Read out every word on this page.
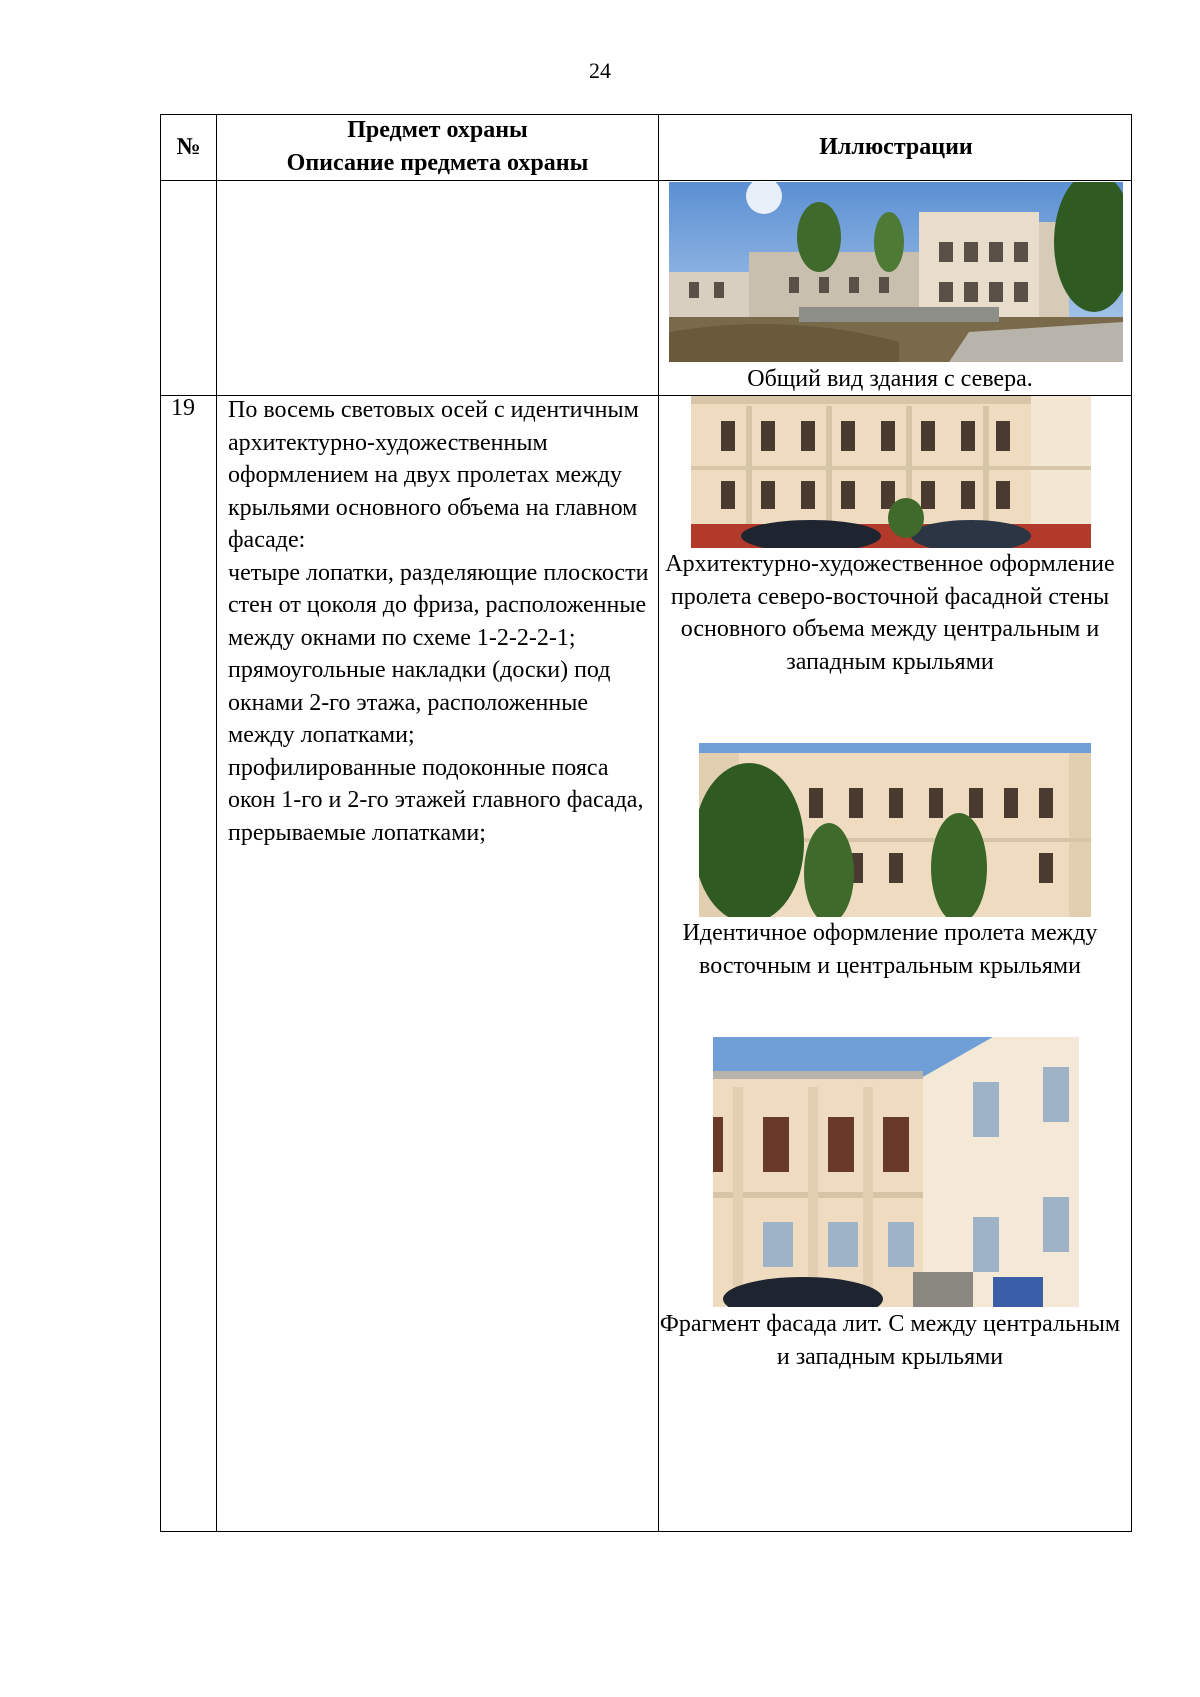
24
№
Предмет охраны
Описание предмета охраны
Иллюстрации
Общий вид здания с севера.
19 По восемь световых осей с идентичным архитектурно-художественным оформлением на двух пролетах между крыльями основного объема на главном фасаде:

четыре лопатки, разделяющие плоскости стен от цоколя до фриза, расположенные между окнами по схеме 1-2-2-2-1;

прямоугольные накладки (доски) под окнами 2-го этажа, расположенные между лопатками;

профилированные подоконные пояса окон 1-го и 2-го этажей главного фасада, прерываемые лопатками;

Архитектурно-художественное оформление пролета северо-восточной фасадной стены основного объема между центральным и западным крыльями
Идентичное оформление пролета между восточным и центральным крыльями
Фрагмент фасада лит. С между центральным и западным крыльями
